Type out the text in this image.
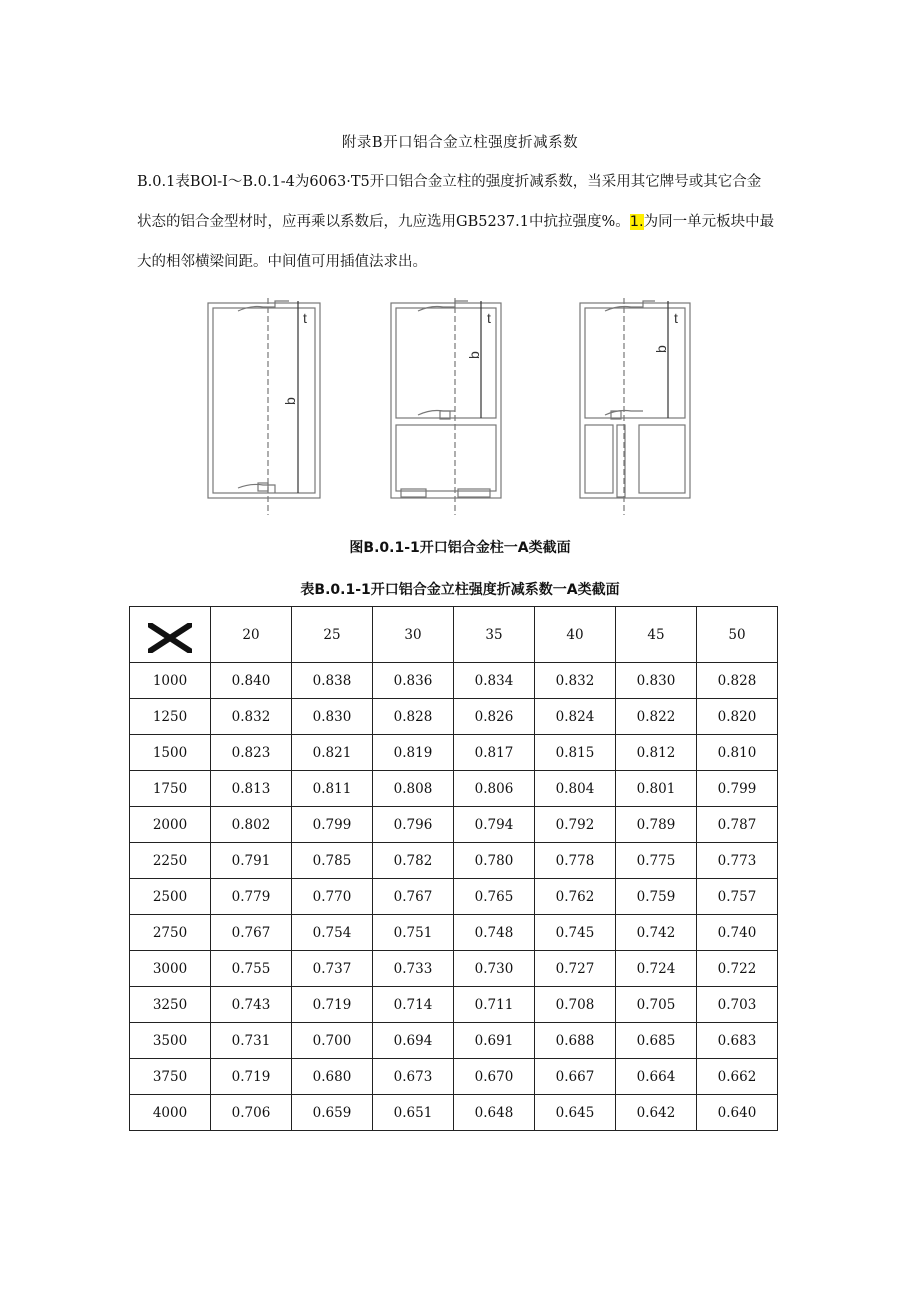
附录B开口铝合金立柱强度折减系数
B.0.1表BOl-I～B.0.1-4为6063·T5开口铝合金立柱的强度折减系数，当采用其它牌号或其它合金
状态的铝合金型材时，应再乘以系数后，九应选用GB5237.1中抗拉强度%。1.为同一单元板块中最
大的相邻横梁间距。中间值可用插值法求出。
b
t
b
t
b
t
图B.0.1-1开口铝合金柱一A类截面
表B.0.1-1开口铝合金立柱强度折减系数一A类截面
	20	25	30	35	40	45	50
1000	0.840	0.838	0.836	0.834	0.832	0.830	0.828
1250	0.832	0.830	0.828	0.826	0.824	0.822	0.820
1500	0.823	0.821	0.819	0.817	0.815	0.812	0.810
1750	0.813	0.811	0.808	0.806	0.804	0.801	0.799
2000	0.802	0.799	0.796	0.794	0.792	0.789	0.787
2250	0.791	0.785	0.782	0.780	0.778	0.775	0.773
2500	0.779	0.770	0.767	0.765	0.762	0.759	0.757
2750	0.767	0.754	0.751	0.748	0.745	0.742	0.740
3000	0.755	0.737	0.733	0.730	0.727	0.724	0.722
3250	0.743	0.719	0.714	0.711	0.708	0.705	0.703
3500	0.731	0.700	0.694	0.691	0.688	0.685	0.683
3750	0.719	0.680	0.673	0.670	0.667	0.664	0.662
4000	0.706	0.659	0.651	0.648	0.645	0.642	0.640
